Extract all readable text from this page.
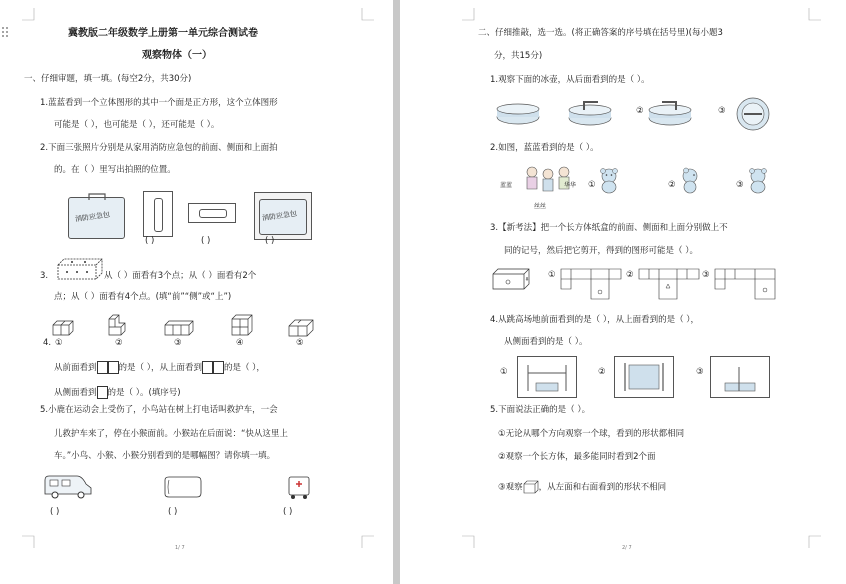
冀教版二年级数学上册第一单元综合测试卷
观察物体（一）
一、仔细审题，填一填。(每空2分，共30分)
1.蓝蓝看到一个立体图形的其中一个面是正方形，这个立体图形
可能是（ ），也可能是（ ），还可能是（ ）。
2.下面三张照片分别是从家用消防应急包的前面、侧面和上面拍
的。在（ ）里写出拍照的位置。
消防应急包	消防应急包
( )	( )	( )
3.	从（ ）面看有3个点；从（ ）面看有2个
点；从（ ）面看有4个点。(填“前”“侧”或“上”)
4. ①	②	③	④	⑤
从前面看到	的是（ ），从上面看到	的是（ ），
从侧面看到 的是（ ）。(填序号)
5.小鹿在运动会上受伤了，小鸟站在树上打电话叫救护车，一会
儿救护车来了，停在小猴面前。小猴站在后面说：“快从这里上
车。”小鸟、小猴、小猴分别看到的是哪幅图？请你填一填。
( )	( )	( )
1/ 7
二、仔细推敲，选一选。(将正确答案的序号填在括号里)(每小题3
分，共15分)
1.观察下面的冰壶，从后面看到的是（ ）。
②	③
2.如图，蓝蓝看到的是（ ）。
蓝蓝	华华
丝丝
①	②	③
3.【新考法】把一个长方体纸盒的前面、侧面和上面分别做上不
同的记号，然后把它剪开，得到的图形可能是（ ）。
①	②	③
4.从跳高场地前面看到的是（ ），从上面看到的是（ ），
从侧面看到的是（ ）。
①	②	③
5.下面说法正确的是（ ）。
①无论从哪个方向观察一个球，看到的形状都相同
②观察一个长方体，最多能同时看到2个面
③观察 ，从左面和右面看到的形状不相同
2/ 7
